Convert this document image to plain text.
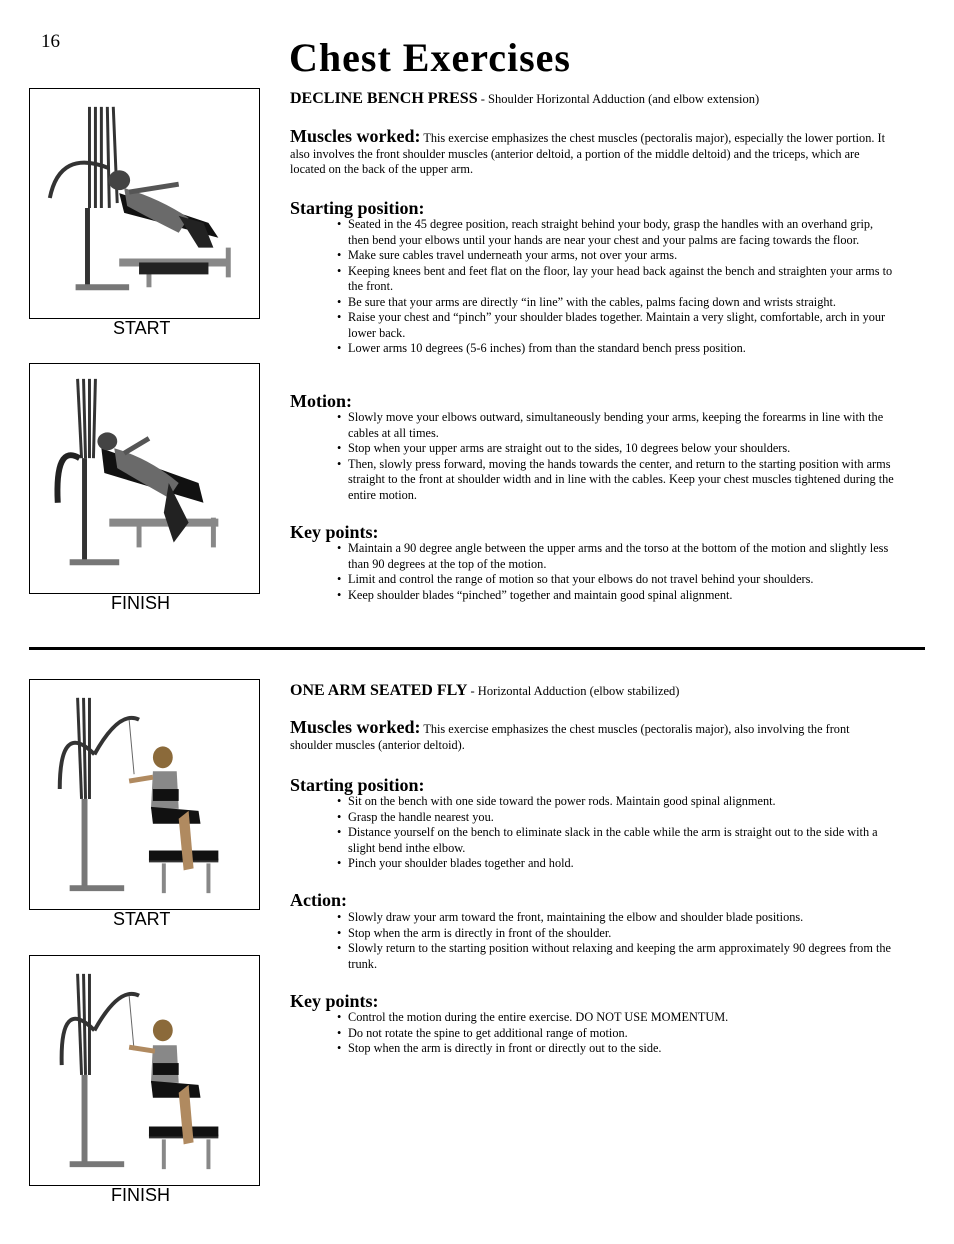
16	Chest Exercises
START
FINISH
DECLINE BENCH PRESS - Shoulder Horizontal Adduction (and elbow extension)
Muscles worked: This exercise emphasizes the chest muscles (pectoralis major), especially the lower portion. It also involves the front shoulder muscles (anterior deltoid, a portion of the middle deltoid) and the triceps, which are located on the back of the upper arm.
Starting position:
• Seated in the 45 degree position, reach straight behind your body, grasp the handles with an overhand grip, then bend your elbows until your hands are near your chest and your palms are facing towards the floor.
• Make sure cables travel underneath your arms, not over your arms.
• Keeping knees bent and feet flat on the floor, lay your head back against the bench and straighten your arms to the front.
• Be sure that your arms are directly “in line” with the cables, palms facing down and wrists straight.
• Raise your chest and “pinch” your shoulder blades together. Maintain a very slight, comfortable, arch in your lower back.
• Lower arms 10 degrees (5-6 inches) from than the standard bench press position.
Motion:
• Slowly move your elbows outward, simultaneously bending your arms, keeping the forearms in line with the cables at all times.
• Stop when your upper arms are straight out to the sides, 10 degrees below your shoulders.
• Then, slowly press forward, moving the hands towards the center, and return to the starting position with arms straight to the front at shoulder width and in line with the cables. Keep your chest muscles tightened during the entire motion.
Key points:
• Maintain a 90 degree angle between the upper arms and the torso at the bottom of the motion and slightly less than 90 degrees at the top of the motion.
• Limit and control the range of motion so that your elbows do not travel behind your shoulders.
• Keep shoulder blades “pinched” together and maintain good spinal alignment.
START
FINISH
ONE ARM SEATED FLY - Horizontal Adduction (elbow stabilized)
Muscles worked: This exercise emphasizes the chest muscles (pectoralis major), also involving the front shoulder muscles (anterior deltoid).
Starting position:
• Sit on the bench with one side toward the power rods. Maintain good spinal alignment.
• Grasp the handle nearest you.
• Distance yourself on the bench to eliminate slack in the cable while the arm is straight out to the side with a slight bend inthe elbow.
• Pinch your shoulder blades together and hold.
Action:
• Slowly draw your arm toward the front, maintaining the elbow and shoulder blade positions.
• Stop when the arm is directly in front of the shoulder.
• Slowly return to the starting position without relaxing and keeping the arm approximately 90 degrees from the trunk.
Key points:
• Control the motion during the entire exercise. DO NOT USE MOMENTUM.
• Do not rotate the spine to get additional range of motion.
• Stop when the arm is directly in front or directly out to the side.
